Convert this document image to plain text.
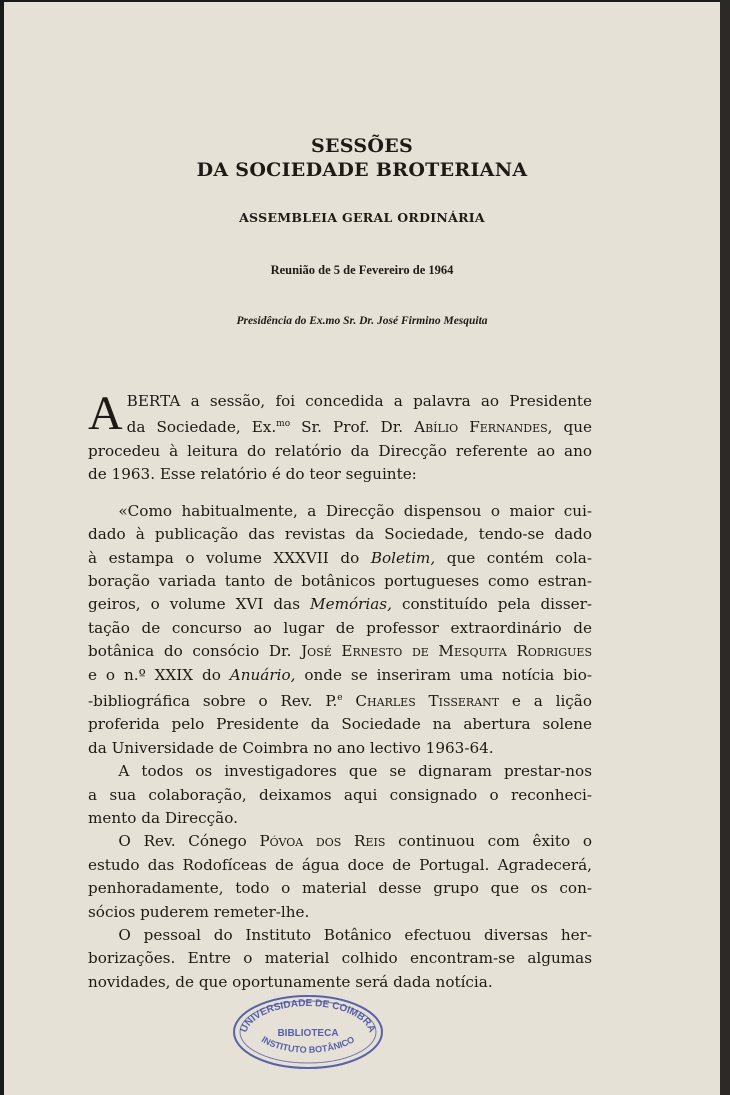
SESSÕES
DA SOCIEDADE BROTERIANA
ASSEMBLEIA GERAL ORDINÁRIA
Reunião de 5 de Fevereiro de 1964
Presidência do Ex.mo Sr. Dr. José Firmino Mesquita

A BERTA a sessão, foi concedida a palavra ao Presidente
da Sociedade, Ex.$^{mo}$ Sr. Prof. Dr. Abílio Fernandes, que
procedeu à leitura do relatório da Direcção referente ao ano
de 1963. Esse relatório é do teor seguinte:

«Como habitualmente, a Direcção dispensou o maior cui-
dado à publicação das revistas da Sociedade, tendo-se dado
à estampa o volume XXXVII do Boletim, que contém cola-
boração variada tanto de botânicos portugueses como estran-
geiros, o volume XVI das Memórias, constituído pela disser-
tação de concurso ao lugar de professor extraordinário de
botânica do consócio Dr. José Ernesto de Mesquita Rodrigues
e o n.º XXIX do Anuário, onde se inseriram uma notícia bio-
-bibliográfica sobre o Rev. P.$^e$ Charles Tisserant e a lição
proferida pelo Presidente da Sociedade na abertura solene
da Universidade de Coimbra no ano lectivo 1963-64.

A todos os investigadores que se dignaram prestar-nos
a sua colaboração, deixamos aqui consignado o reconheci-
mento da Direcção.

O Rev. Cónego Póvoa dos Reis continuou com êxito o
estudo das Rodofíceas de água doce de Portugal. Agradecerá,
penhoradamente, todo o material desse grupo que os con-
sócios puderem remeter-lhe.

O pessoal do Instituto Botânico efectuou diversas her-
borizações. Entre o material colhido encontram-se algumas
novidades, de que oportunamente será dada notícia.

UNIVERSIDADE DE COIMBRA
BIBLIOTECA
INSTITUTO BOTÂNICO
